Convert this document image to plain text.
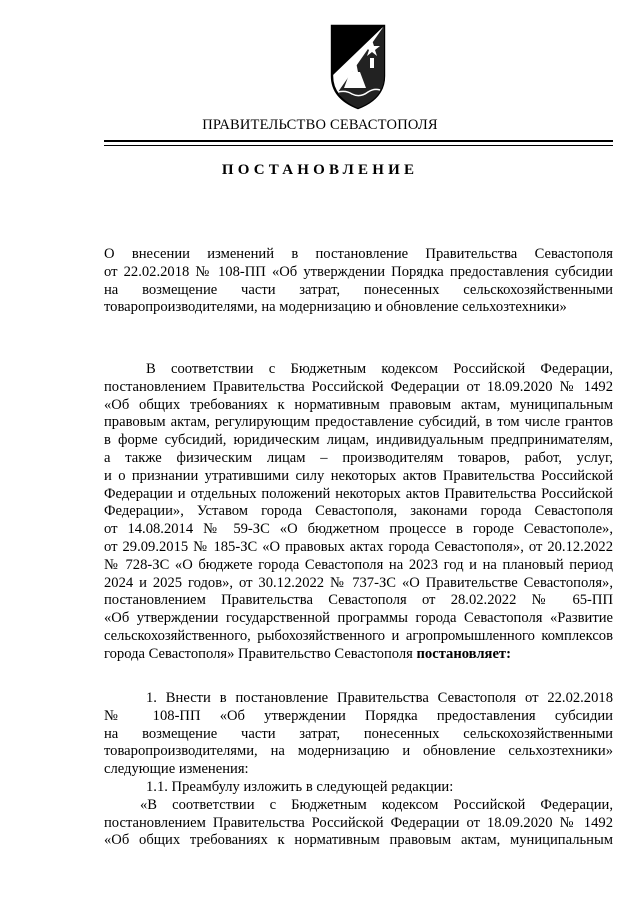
ПРАВИТЕЛЬСТВО СЕВАСТОПОЛЯ
ПОСТАНОВЛЕНИЕ
О внесении изменений в постановление Правительства Севастополя
от 22.02.2018 № 108-ПП «Об утверждении Порядка предоставления субсидии
на возмещение части затрат, понесенных сельскохозяйственными
товаропроизводителями, на модернизацию и обновление сельхозтехники»
В соответствии с Бюджетным кодексом Российской Федерации,
постановлением Правительства Российской Федерации от 18.09.2020 № 1492
«Об общих требованиях к нормативным правовым актам, муниципальным
правовым актам, регулирующим предоставление субсидий, в том числе грантов
в форме субсидий, юридическим лицам, индивидуальным предпринимателям,
а также физическим лицам – производителям товаров, работ, услуг,
и о признании утратившими силу некоторых актов Правительства Российской
Федерации и отдельных положений некоторых актов Правительства Российской
Федерации», Уставом города Севастополя, законами города Севастополя
от 14.08.2014 № 59-ЗС «О бюджетном процессе в городе Севастополе»,
от 29.09.2015 № 185-ЗС «О правовых актах города Севастополя», от 20.12.2022
№ 728-ЗС «О бюджете города Севастополя на 2023 год и на плановый период
2024 и 2025 годов», от 30.12.2022 № 737-ЗС «О Правительстве Севастополя»,
постановлением Правительства Севастополя от 28.02.2022 № 65-ПП
«Об утверждении государственной программы города Севастополя «Развитие
сельскохозяйственного, рыбохозяйственного и агропромышленного комплексов
города Севастополя» Правительство Севастополя постановляет:
1. Внести в постановление Правительства Севастополя от 22.02.2018
№ 108-ПП «Об утверждении Порядка предоставления субсидии
на возмещение части затрат, понесенных сельскохозяйственными
товаропроизводителями, на модернизацию и обновление сельхозтехники»
следующие изменения:
1.1. Преамбулу изложить в следующей редакции:
«В соответствии с Бюджетным кодексом Российской Федерации,
постановлением Правительства Российской Федерации от 18.09.2020 № 1492
«Об общих требованиях к нормативным правовым актам, муниципальным
